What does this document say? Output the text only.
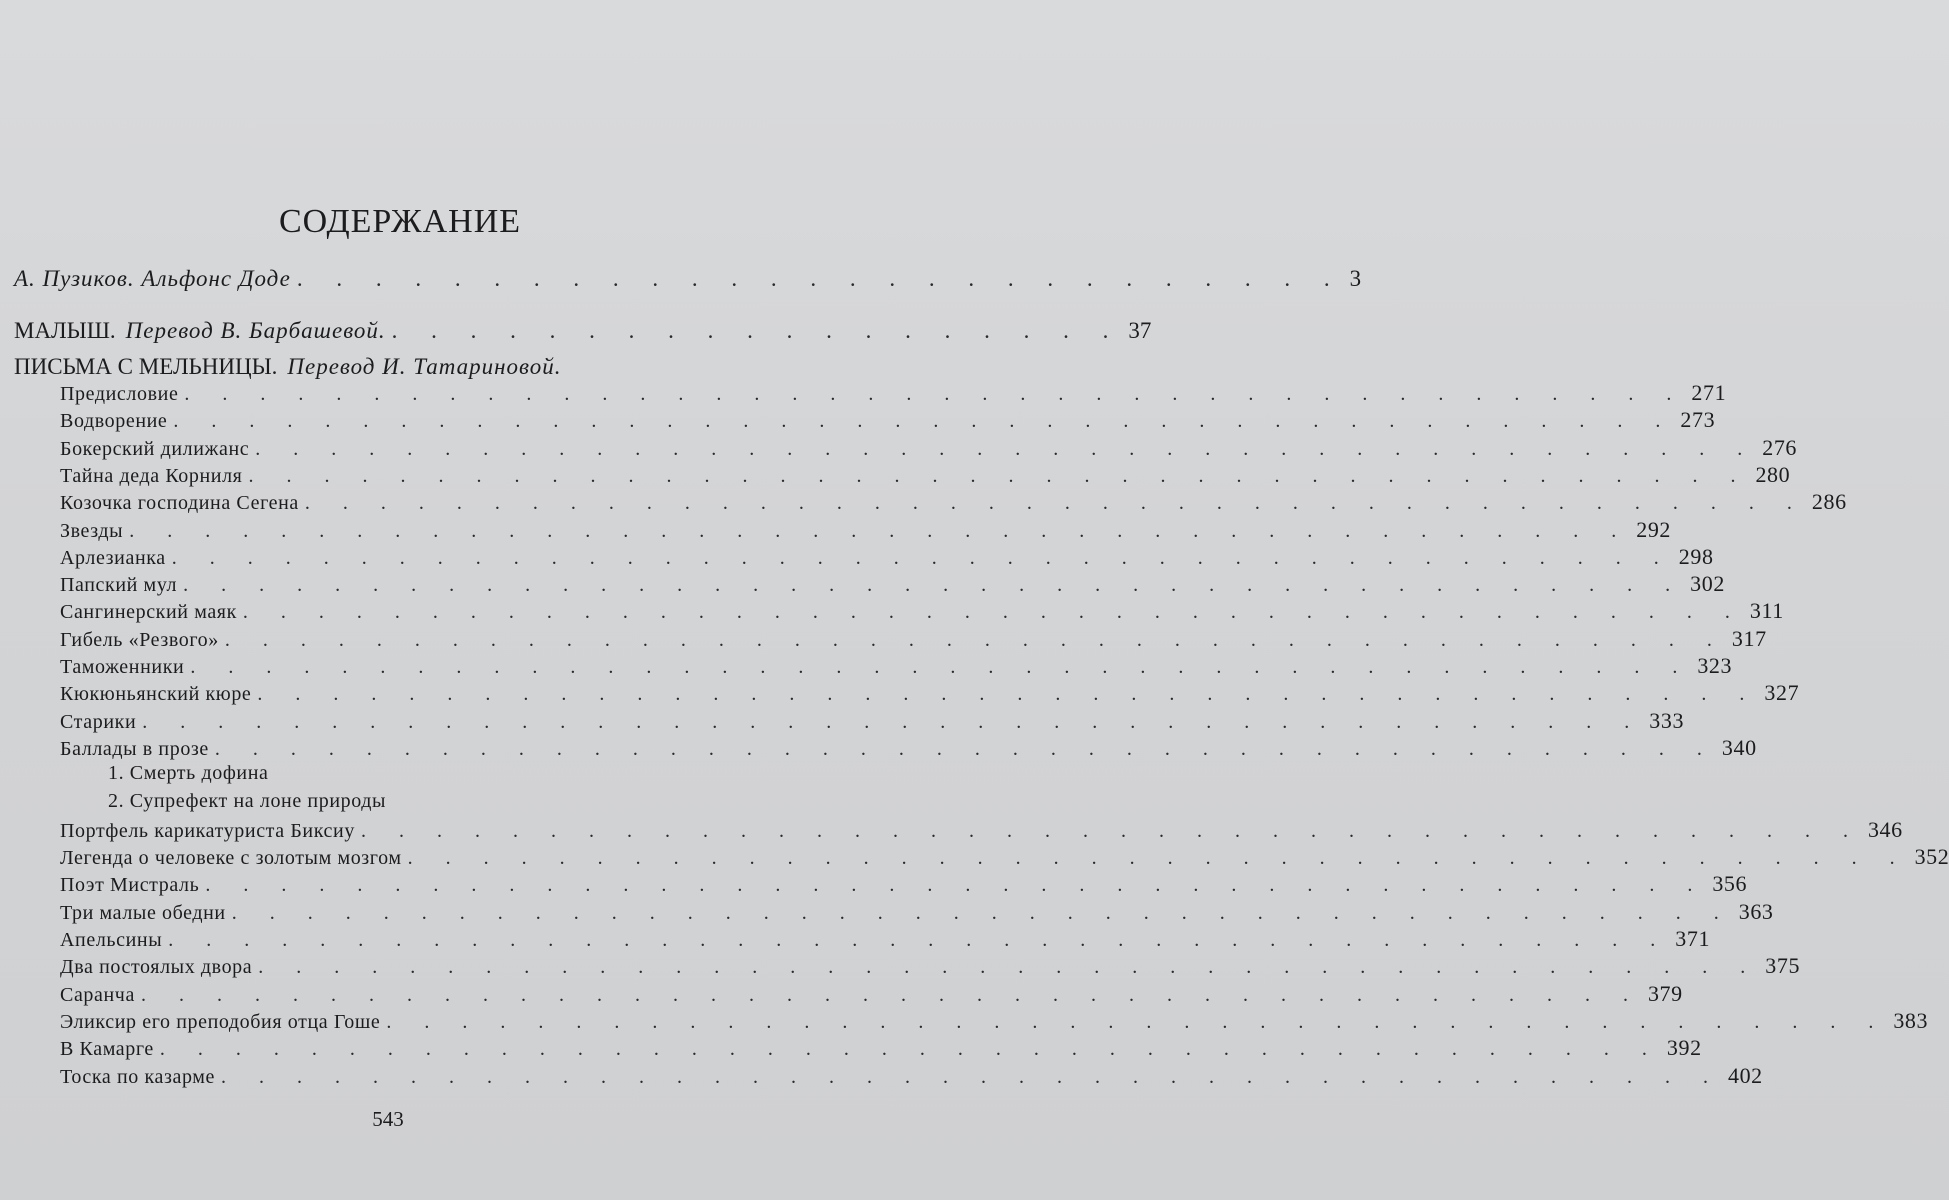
СОДЕРЖАНИЕ
А. Пузиков. Альфонс Доде . . . . . . . . . . . . . . . . . . . . . . . . . . . 3
МАЛЫШ. Перевод В. Барбашевой. . . . . . . . . . . . . . . . . . . . 37
ПИСЬМА С МЕЛЬНИЦЫ. Перевод И. Татариновой.
Предисловие . . . . . . . . . . . . . . . . . . . . . . . . . . . . . . . . . . . . . . . . 271
Водворение . . . . . . . . . . . . . . . . . . . . . . . . . . . . . . . . . . . . . . . . 273
Бокерский дилижанс . . . . . . . . . . . . . . . . . . . . . . . . . . . . . . . . . . . . . . . . 276
Тайна деда Корниля . . . . . . . . . . . . . . . . . . . . . . . . . . . . . . . . . . . . . . . . 280
Козочка господина Сегена . . . . . . . . . . . . . . . . . . . . . . . . . . . . . . . . . . . . . . . . 286
Звезды . . . . . . . . . . . . . . . . . . . . . . . . . . . . . . . . . . . . . . . . 292
Арлезианка . . . . . . . . . . . . . . . . . . . . . . . . . . . . . . . . . . . . . . . . 298
Папский мул . . . . . . . . . . . . . . . . . . . . . . . . . . . . . . . . . . . . . . . . 302
Сангинерский маяк . . . . . . . . . . . . . . . . . . . . . . . . . . . . . . . . . . . . . . . . 311
Гибель «Резвого» . . . . . . . . . . . . . . . . . . . . . . . . . . . . . . . . . . . . . . . . 317
Таможенники . . . . . . . . . . . . . . . . . . . . . . . . . . . . . . . . . . . . . . . . 323
Кюкюньянский кюре . . . . . . . . . . . . . . . . . . . . . . . . . . . . . . . . . . . . . . . . 327
Старики . . . . . . . . . . . . . . . . . . . . . . . . . . . . . . . . . . . . . . . . 333
Баллады в прозе . . . . . . . . . . . . . . . . . . . . . . . . . . . . . . . . . . . . . . . . 340
1. Смерть дофина
2. Супрефект на лоне природы
Портфель карикатуриста Биксиу . . . . . . . . . . . . . . . . . . . . . . . . . . . . . . . . . . . . . . . . 346
Легенда о человеке с золотым мозгом . . . . . . . . . . . . . . . . . . . . . . . . . . . . . . . . . . . . . . . . 352
Поэт Мистраль . . . . . . . . . . . . . . . . . . . . . . . . . . . . . . . . . . . . . . . . 356
Три малые обедни . . . . . . . . . . . . . . . . . . . . . . . . . . . . . . . . . . . . . . . . 363
Апельсины . . . . . . . . . . . . . . . . . . . . . . . . . . . . . . . . . . . . . . . . 371
Два постоялых двора . . . . . . . . . . . . . . . . . . . . . . . . . . . . . . . . . . . . . . . . 375
Саранча . . . . . . . . . . . . . . . . . . . . . . . . . . . . . . . . . . . . . . . . 379
Эликсир его преподобия отца Гоше . . . . . . . . . . . . . . . . . . . . . . . . . . . . . . . . . . . . . . . . 383
В Камарге . . . . . . . . . . . . . . . . . . . . . . . . . . . . . . . . . . . . . . . . 392
Тоска по казарме . . . . . . . . . . . . . . . . . . . . . . . . . . . . . . . . . . . . . . . . 402
543
